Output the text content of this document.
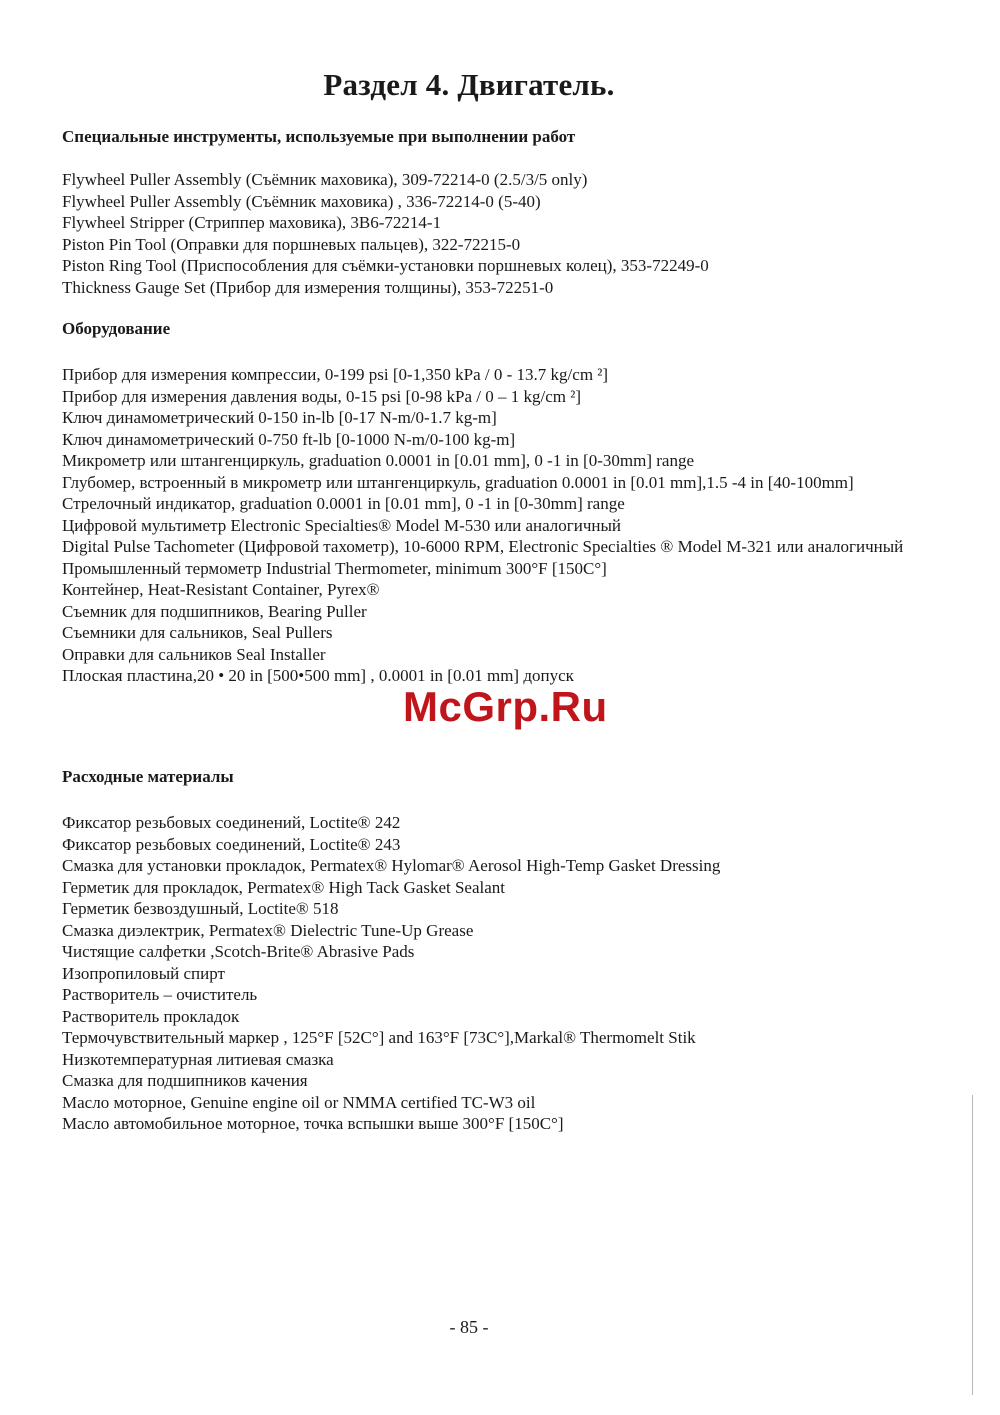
Раздел 4. Двигатель.
Специальные инструменты, используемые при выполнении работ
Flywheel Puller Assembly (Съёмник маховика), 309-72214-0 (2.5/3/5 only)
Flywheel Puller Assembly (Съёмник маховика) , 336-72214-0 (5-40)
Flywheel Stripper (Стриппер маховика), 3B6-72214-1
Piston Pin Tool (Оправки для поршневых пальцев), 322-72215-0
Piston Ring Tool (Приспособления для съёмки-установки поршневых колец), 353-72249-0
Thickness Gauge Set (Прибор для измерения толщины), 353-72251-0
Оборудование
Прибор для измерения компрессии, 0-199 psi [0-1,350 kPa / 0 - 13.7 kg/cm ²]
Прибор для измерения давления воды, 0-15 psi [0-98 kPa / 0 – 1 kg/cm ²]
Ключ динамометрический 0-150 in-lb [0-17 N-m/0-1.7 kg-m]
Ключ динамометрический 0-750 ft-lb [0-1000 N-m/0-100 kg-m]
Микрометр или штангенциркуль, graduation 0.0001 in [0.01 mm], 0 -1 in [0-30mm] range
Глубомер, встроенный в микрометр или штангенциркуль, graduation 0.0001 in [0.01 mm],1.5 -4 in [40-100mm]
Стрелочный индикатор, graduation 0.0001 in [0.01 mm], 0 -1 in [0-30mm] range
Цифровой мультиметр Electronic Specialties® Model M-530 или аналогичный
Digital Pulse Tachometer (Цифровой тахометр), 10-6000 RPM, Electronic Specialties ® Model M-321 или аналогичный
Промышленный термометр Industrial Thermometer, minimum 300°F [150C°]
Контейнер, Heat-Resistant Container, Pyrex®
Съемник для подшипников, Bearing Puller
Съемники для сальников, Seal Pullers
Оправки для сальников Seal Installer
Плоская пластина,20 • 20 in [500•500 mm] , 0.0001 in [0.01 mm] допуск
Расходные материалы
Фиксатор резьбовых соединений, Loctite® 242
Фиксатор резьбовых соединений, Loctite® 243
Смазка для установки прокладок, Permatex® Hylomar® Aerosol High-Temp Gasket Dressing
Герметик для прокладок, Permatex® High Tack Gasket Sealant
Герметик безвоздушный, Loctite® 518
Смазка диэлектрик, Permatex® Dielectric Tune-Up Grease
Чистящие салфетки ,Scotch-Brite® Abrasive Pads
Изопропиловый спирт
Растворитель – очиститель
Растворитель прокладок
Термочувствительный маркер , 125°F [52C°] and 163°F [73C°],Markal® Thermomelt Stik
Низкотемпературная литиевая смазка
Смазка для подшипников качения
Масло моторное, Genuine engine oil or NMMA certified TC-W3 oil
Масло автомобильное моторное, точка вспышки выше 300°F [150C°]
McGrp.Ru
- 85 -
